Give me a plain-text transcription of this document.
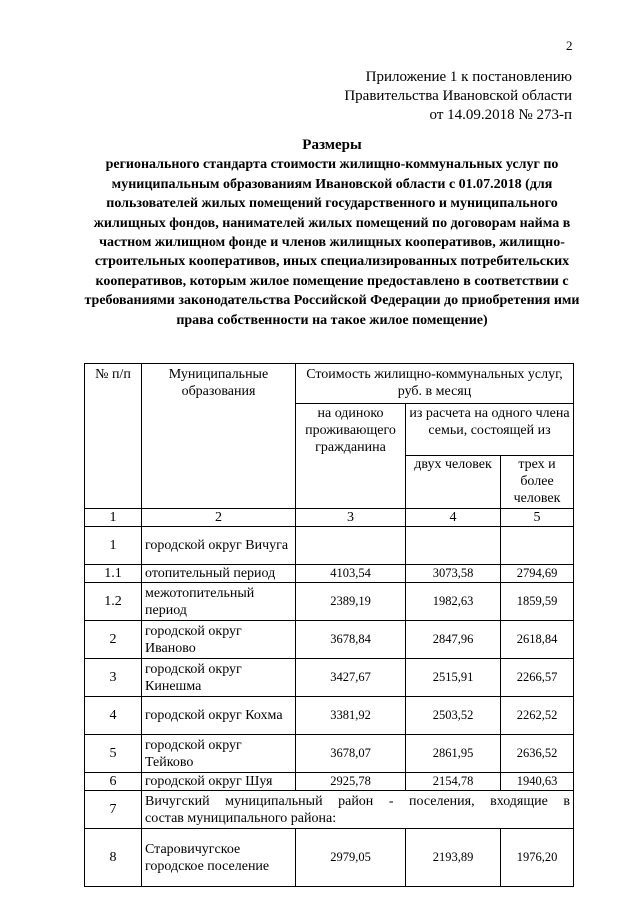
2
Приложение 1 к постановлению
Правительства Ивановской области
от 14.09.2018 № 273-п
Размеры
регионального стандарта стоимости жилищно-коммунальных услуг по муниципальным образованиям Ивановской области с 01.07.2018 (для пользователей жилых помещений государственного и муниципального жилищных фондов, нанимателей жилых помещений по договорам найма в частном жилищном фонде и членов жилищных кооперативов, жилищно-строительных кооперативов, иных специализированных потребительских кооперативов, которым жилое помещение предоставлено в соответствии с требованиями законодательства Российской Федерации до приобретения ими права собственности на такое жилое помещение)
№ п/п	Муниципальные образования	Стоимость жилищно-коммунальных услуг, руб. в месяц		
		на одиноко проживающего гражданина	из расчета на одного члена семьи, состоящей из	
			двух человек	трех и более человек
1	2	3	4	5
1	городской округ Вичуга			
1.1	отопительный период	4103,54	3073,58	2794,69
1.2	межотопительный период	2389,19	1982,63	1859,59
2	городской округ Иваново	3678,84	2847,96	2618,84
3	городской округ Кинешма	3427,67	2515,91	2266,57
4	городской округ Кохма	3381,92	2503,52	2262,52
5	городской округ Тейково	3678,07	2861,95	2636,52
6	городской округ Шуя	2925,78	2154,78	1940,63
7	Вичугский муниципальный район - поселения, входящие в
состав муниципального района:			

8	Старовичугское городское поселение	2979,05	2193,89	1976,20
